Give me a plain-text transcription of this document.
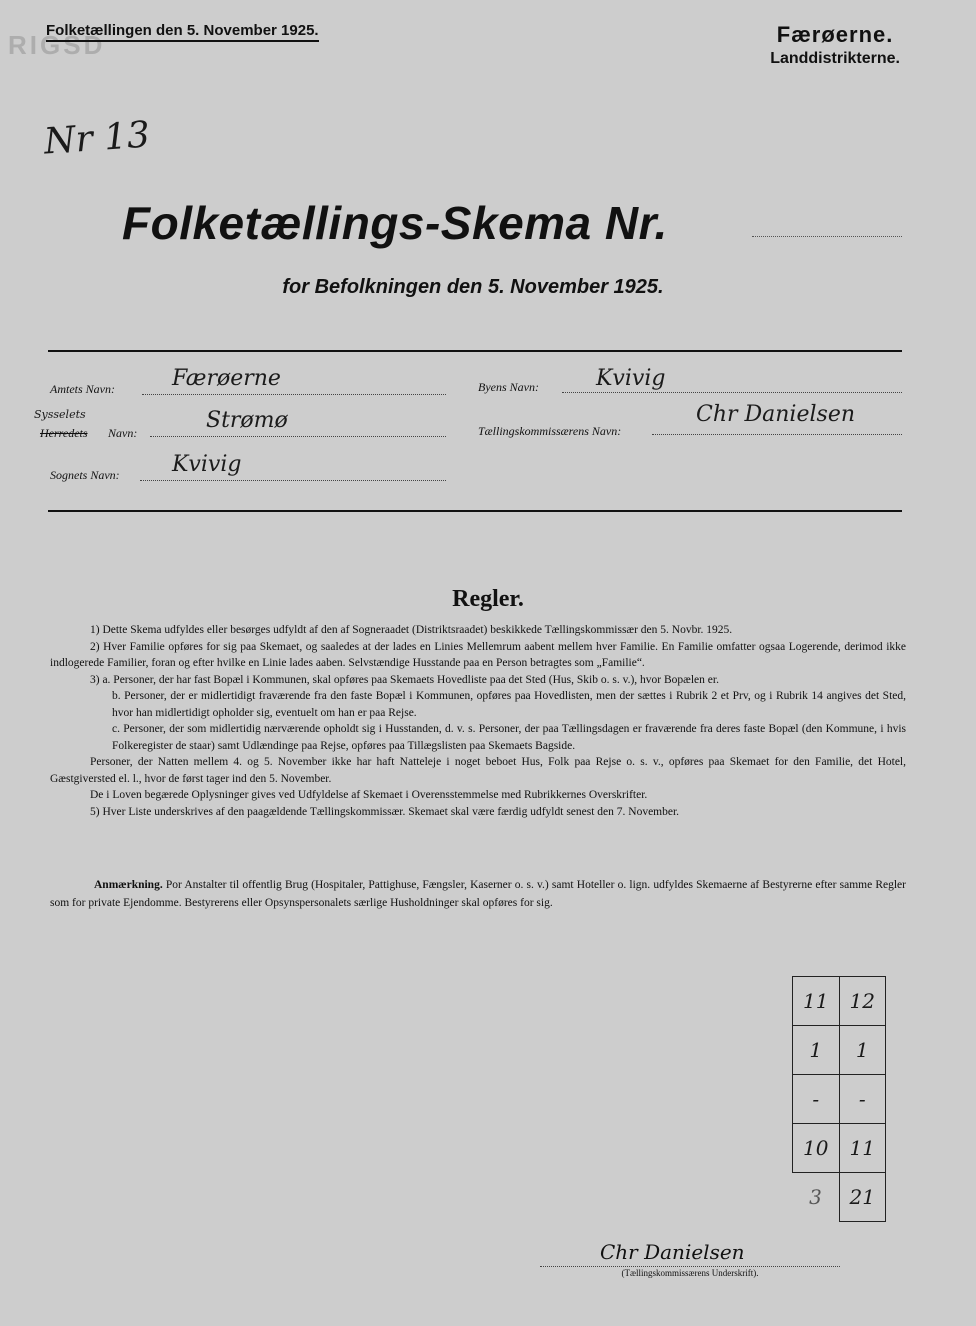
RIGSD
Folketællingen den 5. November 1925.	Færøerne.
Landdistrikterne.
Nr 13
Folketællings-Skema Nr.
for Befolkningen den 5. November 1925.
Amtets Navn:	Færøerne	Byens Navn:	Kvivig
Sysselets
Herredets Navn:	Strømø	Tællingskommissærens Navn:
Chr Danielsen
Sognets Navn: Kvivig
Regler.

1) Dette Skema udfyldes eller besørges udfyldt af den af Sogneraadet (Distriktsraadet) beskikkede Tællingskommissær den 5. Novbr. 1925.

2) Hver Familie opføres for sig paa Skemaet, og saaledes at der lades en Linies Mellemrum aabent mellem hver Familie. En Familie omfatter ogsaa Logerende, derimod ikke indlogerede Familier, foran og efter hvilke en Linie lades aaben. Selvstændige Husstande paa en Person betragtes som „Familie“.

3) a. Personer, der har fast Bopæl i Kommunen, skal opføres paa Skemaets Hovedliste paa det Sted (Hus, Skib o. s. v.), hvor Bopælen er.

b. Personer, der er midlertidigt fraværende fra den faste Bopæl i Kommunen, opføres paa Hovedlisten, men der sættes i Rubrik 2 et Prv, og i Rubrik 14 angives det Sted, hvor han midlertidigt opholder sig, eventuelt om han er paa Rejse.

c. Personer, der som midlertidig nærværende opholdt sig i Husstanden, d. v. s. Personer, der paa Tællingsdagen er fraværende fra deres faste Bopæl (den Kommune, i hvis Folkeregister de staar) samt Udlændinge paa Rejse, opføres paa Tillægslisten paa Skemaets Bagside.

Personer, der Natten mellem 4. og 5. November ikke har haft Natteleje i noget beboet Hus, Folk paa Rejse o. s. v., opføres paa Skemaet for den Familie, det Hotel, Gæstgiversted el. l., hvor de først tager ind den 5. November.

De i Loven begærede Oplysninger gives ved Udfyldelse af Skemaet i Overensstemmelse med Rubrikkernes Overskrifter.

5) Hver Liste underskrives af den paagældende Tællingskommissær. Skemaet skal være færdig udfyldt senest den 7. November.

Anmærkning. Por Anstalter til offentlig Brug (Hospitaler, Pattighuse, Fængsler, Kaserner o. s. v.) samt Hoteller o. lign. udfyldes Skemaerne af Bestyrerne efter samme Regler som for private Ejendomme. Bestyrerens eller Opsynspersonalets særlige Husholdninger skal opføres for sig.
11	12
1	1
-	-
10	11
3	21
Chr Danielsen
(Tællingskommissærens Underskrift).
